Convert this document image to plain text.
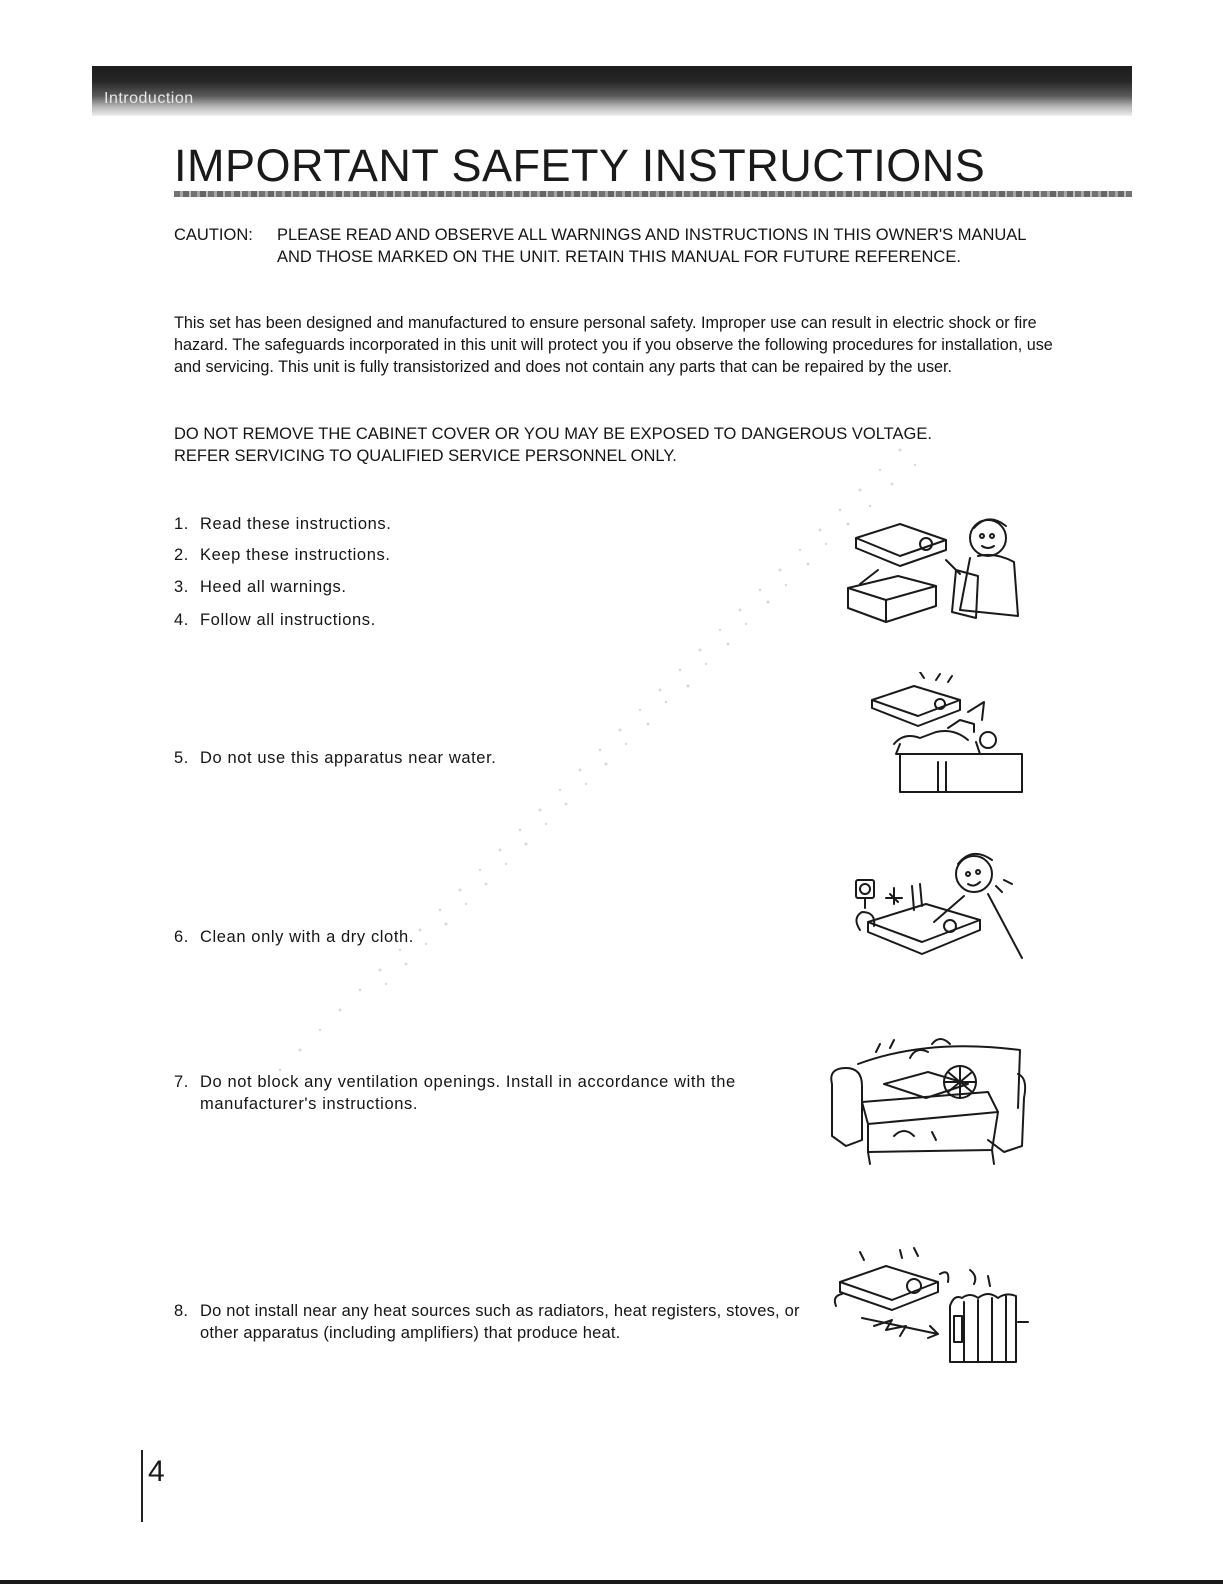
Introduction
IMPORTANT SAFETY INSTRUCTIONS
CAUTION: PLEASE READ AND OBSERVE ALL WARNINGS AND INSTRUCTIONS IN THIS OWNER'S MANUAL AND THOSE MARKED ON THE UNIT. RETAIN THIS MANUAL FOR FUTURE REFERENCE.

This set has been designed and manufactured to ensure personal safety. Improper use can result in electric shock or fire hazard. The safeguards incorporated in this unit will protect you if you observe the following procedures for installation, use and servicing. This unit is fully transistorized and does not contain any parts that can be repaired by the user.

DO NOT REMOVE THE CABINET COVER OR YOU MAY BE EXPOSED TO DANGEROUS VOLTAGE.
REFER SERVICING TO QUALIFIED SERVICE PERSONNEL ONLY.
1. Read these instructions.
2. Keep these instructions.
3. Heed all warnings.
4. Follow all instructions.
5. Do not use this apparatus near water.
6. Clean only with a dry cloth.
7. Do not block any ventilation openings. Install in accordance with the manufacturer's instructions.
8. Do not install near any heat sources such as radiators, heat registers, stoves, or other apparatus (including amplifiers) that produce heat.
4
